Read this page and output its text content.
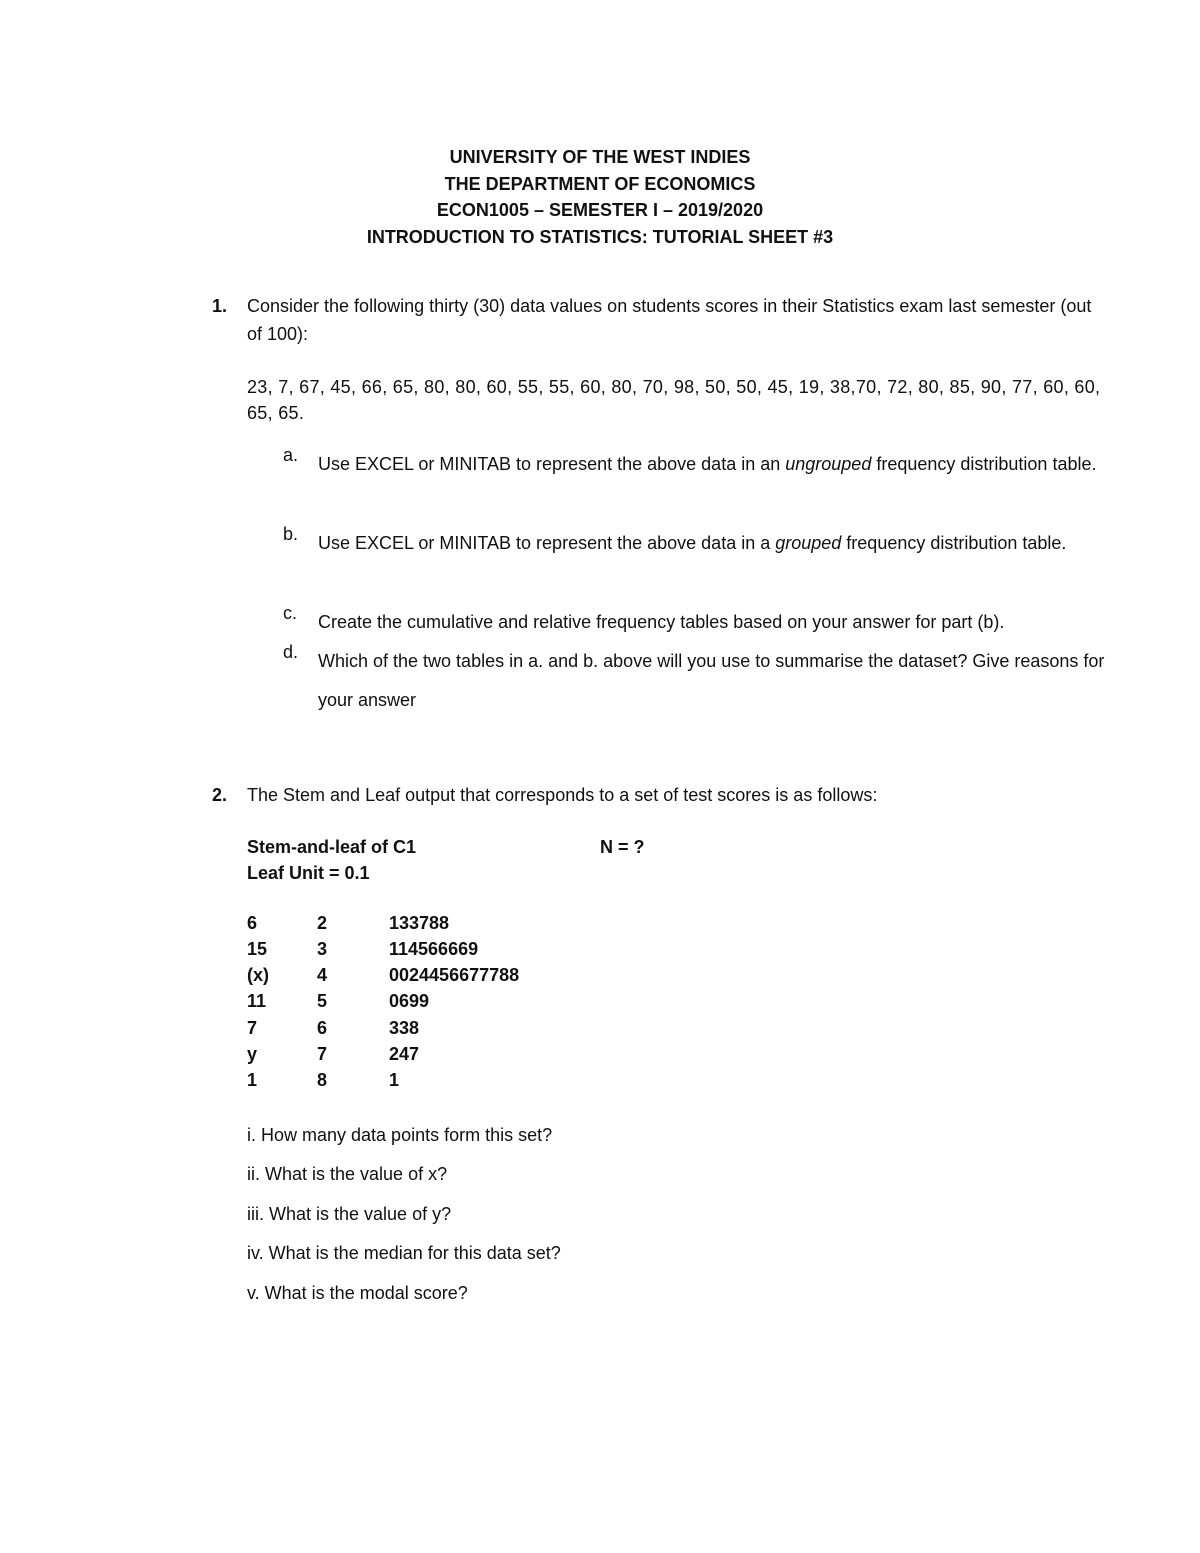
UNIVERSITY OF THE WEST INDIES
THE DEPARTMENT OF ECONOMICS
ECON1005 – SEMESTER I – 2019/2020
INTRODUCTION TO STATISTICS: TUTORIAL SHEET #3
1. Consider the following thirty (30) data values on students scores in their Statistics exam last semester (out of 100):
23, 7, 67, 45, 66, 65, 80, 80, 60, 55, 55, 60, 80, 70, 98, 50, 50, 45, 19, 38,70, 72, 80, 85, 90, 77, 60, 60, 65, 65.
a. Use EXCEL or MINITAB to represent the above data in an ungrouped frequency distribution table.
b. Use EXCEL or MINITAB to represent the above data in a grouped frequency distribution table.
c. Create the cumulative and relative frequency tables based on your answer for part (b).
d. Which of the two tables in a. and b. above will you use to summarise the dataset? Give reasons for your answer
2. The Stem and Leaf output that corresponds to a set of test scores is as follows:
Stem-and-leaf of C1	N = ?
Leaf Unit = 0.1
6	2	133788
15	3	114566669
(x)	4	0024456677788
11	5	0699
7	6	338
y	7	247
1	8	1
i. How many data points form this set?
ii. What is the value of x?
iii. What is the value of y?
iv. What is the median for this data set?
v. What is the modal score?
